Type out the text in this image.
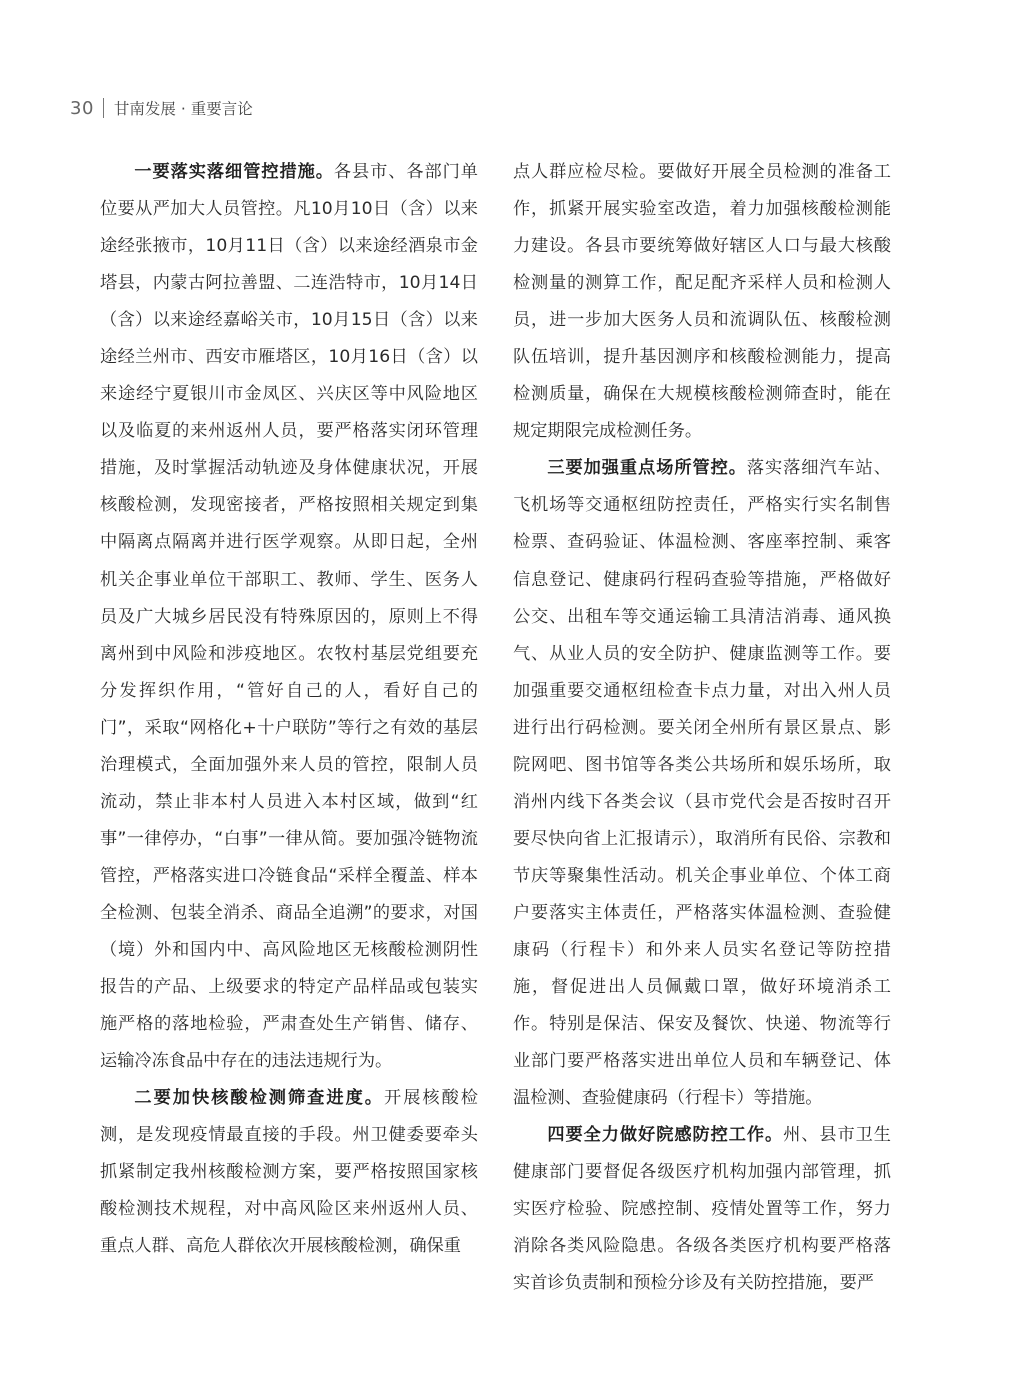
30 甘南发展 · 重要言论

一要落实落细管控措施。各县市、各部门单位要从严加大人员管控。凡10月10日（含）以来途经张掖市，10月11日（含）以来途经酒泉市金塔县，内蒙古阿拉善盟、二连浩特市，10月14日（含）以来途经嘉峪关市，10月15日（含）以来途经兰州市、西安市雁塔区，10月16日（含）以来途经宁夏银川市金凤区、兴庆区等中风险地区以及临夏的来州返州人员，要严格落实闭环管理措施，及时掌握活动轨迹及身体健康状况，开展核酸检测，发现密接者，严格按照相关规定到集中隔离点隔离并进行医学观察。从即日起，全州机关企事业单位干部职工、教师、学生、医务人员及广大城乡居民没有特殊原因的，原则上不得离州到中风险和涉疫地区。农牧村基层党组要充分发挥织作用，“管好自己的人，看好自己的门”，采取“网格化+十户联防”等行之有效的基层治理模式，全面加强外来人员的管控，限制人员流动，禁止非本村人员进入本村区域，做到“红事”一律停办，“白事”一律从简。要加强冷链物流管控，严格落实进口冷链食品“采样全覆盖、样本全检测、包装全消杀、商品全追溯”的要求，对国（境）外和国内中、高风险地区无核酸检测阴性报告的产品、上级要求的特定产品样品或包装实施严格的落地检验，严肃查处生产销售、储存、运输冷冻食品中存在的违法违规行为。

二要加快核酸检测筛查进度。开展核酸检测，是发现疫情最直接的手段。州卫健委要牵头抓紧制定我州核酸检测方案，要严格按照国家核酸检测技术规程，对中高风险区来州返州人员、重点人群、高危人群依次开展核酸检测，确保重

点人群应检尽检。要做好开展全员检测的准备工作，抓紧开展实验室改造，着力加强核酸检测能力建设。各县市要统筹做好辖区人口与最大核酸检测量的测算工作，配足配齐采样人员和检测人员，进一步加大医务人员和流调队伍、核酸检测队伍培训，提升基因测序和核酸检测能力，提高检测质量，确保在大规模核酸检测筛查时，能在规定期限完成检测任务。

三要加强重点场所管控。落实落细汽车站、飞机场等交通枢纽防控责任，严格实行实名制售检票、查码验证、体温检测、客座率控制、乘客信息登记、健康码行程码查验等措施，严格做好公交、出租车等交通运输工具清洁消毒、通风换气、从业人员的安全防护、健康监测等工作。要加强重要交通枢纽检查卡点力量，对出入州人员进行出行码检测。要关闭全州所有景区景点、影院网吧、图书馆等各类公共场所和娱乐场所，取消州内线下各类会议（县市党代会是否按时召开要尽快向省上汇报请示），取消所有民俗、宗教和节庆等聚集性活动。机关企事业单位、个体工商户要落实主体责任，严格落实体温检测、查验健康码（行程卡）和外来人员实名登记等防控措施，督促进出人员佩戴口罩，做好环境消杀工作。特别是保洁、保安及餐饮、快递、物流等行业部门要严格落实进出单位人员和车辆登记、体温检测、查验健康码（行程卡）等措施。

四要全力做好院感防控工作。州、县市卫生健康部门要督促各级医疗机构加强内部管理，抓实医疗检验、院感控制、疫情处置等工作，努力消除各类风险隐患。各级各类医疗机构要严格落实首诊负责制和预检分诊及有关防控措施，要严
